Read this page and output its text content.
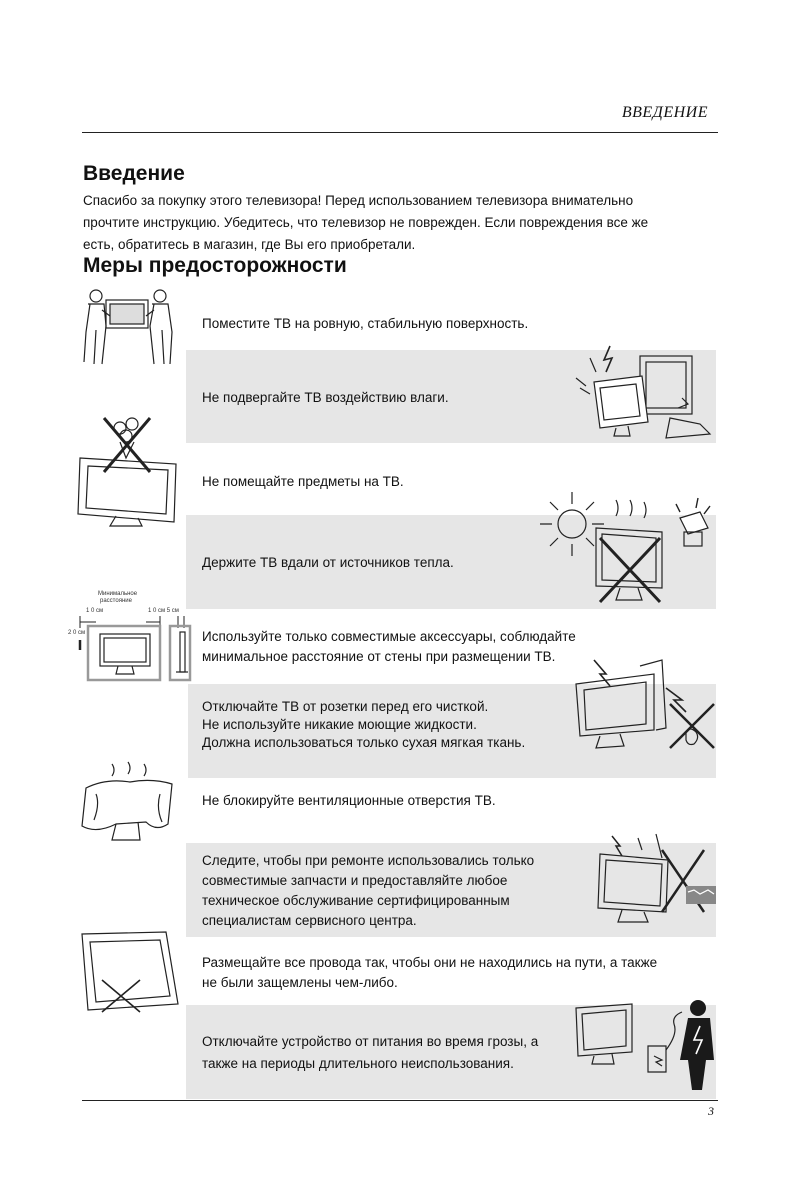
ВВЕДЕНИЕ
Введение
Спасибо за покупку этого телевизора! Перед использованием телевизора внимательно прочтите инструкцию. Убедитесь, что телевизор не поврежден. Если повреждения все же есть, обратитесь в магазин, где Вы его приобретали.
Меры предосторожности
Поместите ТВ на ровную, стабильную поверхность.
Не подвергайте ТВ воздействию влаги.
Не помещайте предметы на ТВ.
Держите ТВ вдали от источников тепла.
Используйте только совместимые аксессуары, соблюдайте
минимальное расстояние от стены при размещении ТВ.
Отключайте ТВ от розетки перед его чисткой.
Не используйте никакие моющие жидкости.
Должна использоваться только сухая мягкая ткань.
Не блокируйте вентиляционные отверстия ТВ.
Следите, чтобы при ремонте использовались только
совместимые запчасти и предоставляйте любое
техническое обслуживание сертифицированным
специалистам сервисного центра.
Размещайте все провода так, чтобы они не находились на пути, а также
не были защемлены чем-либо.
Отключайте устройство от питания во время грозы, а
также на периоды длительного неиспользования.
Минимальное
расстояние
1 0 см	1 0 см 5 см
2 0 см
3
